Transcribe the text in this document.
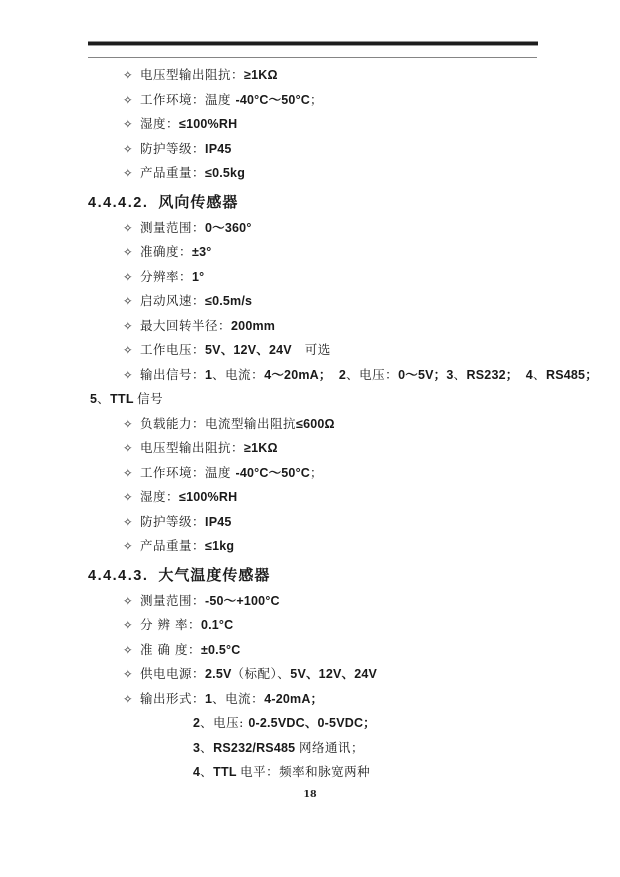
✧ 电压型输出阻抗：≥1KΩ
✧ 工作环境：温度 -40°C～50°C；
✧ 湿度：≤100%RH
✧ 防护等级：IP45
✧ 产品重量：≤0.5kg
4.4.4.2. 风向传感器
✧ 测量范围：0～360°
✧ 准确度：±3°
✧ 分辨率：1°
✧ 启动风速：≤0.5m/s
✧ 最大回转半径：200mm
✧ 工作电压：5V、12V、24V　可选
✧ 输出信号：1、电流：4～20mA；  2、电压：0～5V；3、RS232；  4、RS485；
5、TTL 信号
✧ 负载能力：电流型输出阻抗≤600Ω
✧ 电压型输出阻抗：≥1KΩ
✧ 工作环境：温度 -40°C～50°C；
✧ 湿度：≤100%RH
✧ 防护等级：IP45
✧ 产品重量：≤1kg
4.4.4.3. 大气温度传感器
✧ 测量范围：-50～+100°C
✧ 分 辨 率：0.1°C
✧ 准 确 度：±0.5°C
✧ 供电电源：2.5V（标配）、5V、12V、24V
✧ 输出形式：1、电流：4-20mA；
2、电压: 0-2.5VDC、0-5VDC；
3、RS232/RS485 网络通讯；
4、TTL 电平：频率和脉宽两种
18
